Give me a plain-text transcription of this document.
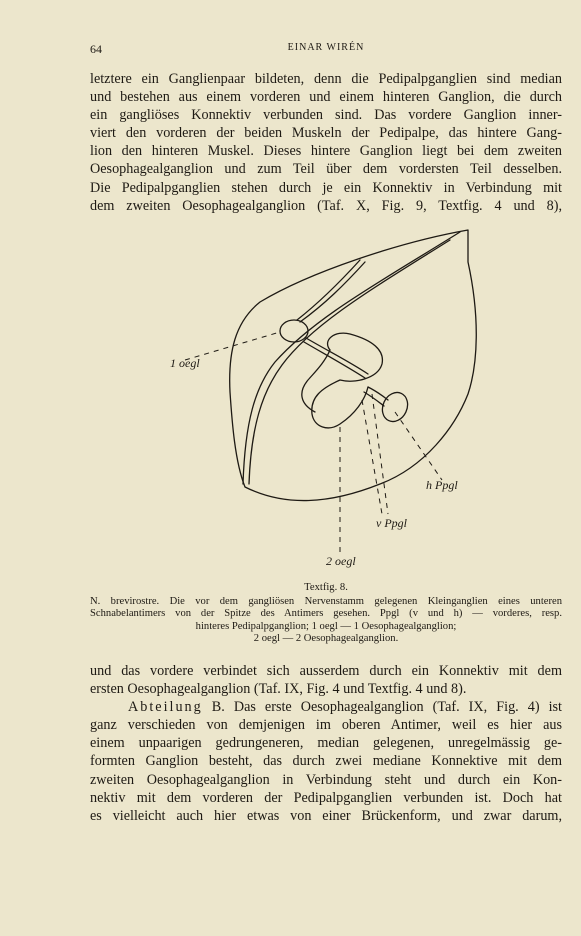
64	EINAR WIRÉN
letztere ein Ganglienpaar bildeten, denn die Pedipalpganglien sind median
und bestehen aus einem vorderen und einem hinteren Ganglion, die durch
ein gangliöses Konnektiv verbunden sind. Das vordere Ganglion inner-
viert den vorderen der beiden Muskeln der Pedipalpe, das hintere Gang-
lion den hinteren Muskel. Dieses hintere Ganglion liegt bei dem zweiten
Oesophagealganglion und zum Teil über dem vordersten Teil desselben.
Die Pedipalpganglien stehen durch je ein Konnektiv in Verbindung mit
dem zweiten Oesophagealganglion (Taf. X, Fig. 9, Textfig. 4 und 8),
1 oegl
h Ppgl
v Ppgl
2 oegl
Textfig. 8.
N. brevirostre. Die vor dem gangliösen Nervenstamm gelegenen Kleinganglien eines unteren
Schnabelantimers von der Spitze des Antimers gesehen. Ppgl (v und h) — vorderes, resp.
hinteres Pedipalpganglion; 1 oegl — 1 Oesophagealganglion;
2 oegl — 2 Oesophagealganglion.
und das vordere verbindet sich ausserdem durch ein Konnektiv mit dem
ersten Oesophagealganglion (Taf. IX, Fig. 4 und Textfig. 4 und 8).
Abteilung B. Das erste Oesophagealganglion (Taf. IX, Fig. 4) ist
ganz verschieden von demjenigen im oberen Antimer, weil es hier aus
einem unpaarigen gedrungeneren, median gelegenen, unregelmässig ge-
formten Ganglion besteht, das durch zwei mediane Konnektive mit dem
zweiten Oesophagealganglion in Verbindung steht und durch ein Kon-
nektiv mit dem vorderen der Pedipalpganglien verbunden ist. Doch hat
es vielleicht auch hier etwas von einer Brückenform, und zwar darum,
